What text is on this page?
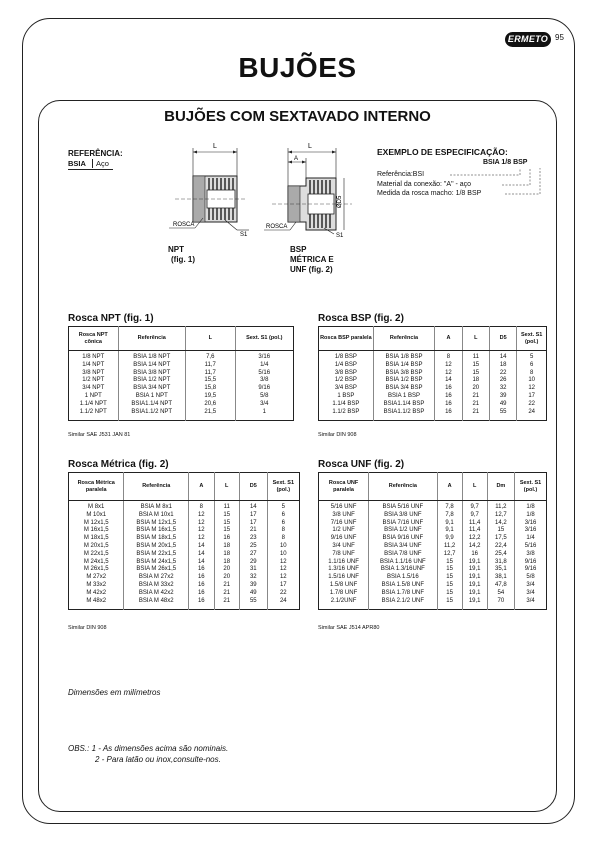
ERMETO 95
BUJÕES
BUJÕES COM SEXTAVADO INTERNO
REFERÊNCIA:
BSIA Aço
L
ROSCA
S1
NPT
(fig. 1)
L
A
ØD5
ROSCA
S1
BSP
MÉTRICA E
UNF (fig. 2)
EXEMPLO DE ESPECIFICAÇÃO:
BSIA 1/8 BSP
Referência:BSI
Material da conexão: "A" - aço
Medida da rosca macho: 1/8 BSP
Rosca NPT (fig. 1)
Rosca NPT cônica	Referência	L	Sext. S1 (pol.)
1/8 NPT	BSIA 1/8 NPT	7,6	3/16
1/4 NPT	BSIA 1/4 NPT	11,7	1/4
3/8 NPT	BSIA 3/8 NPT	11,7	5/16
1/2 NPT	BSIA 1/2 NPT	15,5	3/8
3/4 NPT	BSIA 3/4 NPT	15,8	9/16
1 NPT	BSIA 1 NPT	19,5	5/8
1.1/4 NPT	BSIA1.1/4 NPT	20,6	3/4
1.1/2 NPT	BSIA1.1/2 NPT	21,5	1
Similar SAE J531 JAN 81
Rosca BSP (fig. 2)
Rosca BSP paralela	Referência	A	L	D5	Sext. S1 (pol.)
1/8 BSP	BSIA 1/8 BSP	8	11	14	5
1/4 BSP	BSIA 1/4 BSP	12	15	18	6
3/8 BSP	BSIA 3/8 BSP	12	15	22	8
1/2 BSP	BSIA 1/2 BSP	14	18	26	10
3/4 BSP	BSIA 3/4 BSP	16	20	32	12
1 BSP	BSIA 1 BSP	16	21	39	17
1.1/4 BSP	BSIA1.1/4 BSP	16	21	49	22
1.1/2 BSP	BSIA1.1/2 BSP	16	21	55	24
Similar DIN 908
Rosca Métrica (fig. 2)
Rosca Métrica paralela	Referência	A	L	D5	Sext. S1 (pol.)
M 8x1	BSIA M 8x1	8	11	14	5
M 10x1	BSIA M 10x1	12	15	17	6
M 12x1,5	BSIA M 12x1,5	12	15	17	6
M 16x1,5	BSIA M 16x1,5	12	15	21	8
M 18x1,5	BSIA M 18x1,5	12	16	23	8
M 20x1,5	BSIA M 20x1,5	14	18	25	10
M 22x1,5	BSIA M 22x1,5	14	18	27	10
M 24x1,5	BSIA M 24x1,5	14	18	29	12
M 26x1,5	BSIA M 26x1,5	16	20	31	12
M 27x2	BSIA M 27x2	16	20	32	12
M 33x2	BSIA M 33x2	16	21	39	17
M 42x2	BSIA M 42x2	16	21	49	22
M 48x2	BSIA M 48x2	16	21	55	24
Similar DIN 908
Rosca UNF (fig. 2)
Rosca UNF paralela	Referência	A	L	Dm	Sext. S1 (pol.)
5/16 UNF	BSIA 5/16 UNF	7,8	9,7	11,2	1/8
3/8 UNF	BSIA 3/8 UNF	7,8	9,7	12,7	1/8
7/16 UNF	BSIA 7/16 UNF	9,1	11,4	14,2	3/16
1/2 UNF	BSIA 1/2 UNF	9,1	11,4	15	3/16
9/16 UNF	BSIA 9/16 UNF	9,9	12,2	17,5	1/4
3/4 UNF	BSIA 3/4 UNF	11,2	14,2	22,4	5/16
7/8 UNF	BSIA 7/8 UNF	12,7	16	25,4	3/8
1.1/16 UNF	BSIA 1.1/16 UNF	15	19,1	31,8	9/16
1.3/16 UNF	BSIA 1.3/16UNF	15	19,1	35,1	9/16
1.5/16 UNF	BSIA 1.5/16	15	19,1	38,1	5/8
1.5/8 UNF	BSIA 1.5/8 UNF	15	19,1	47,8	3/4
1.7/8 UNF	BSIA 1.7/8 UNF	15	19,1	54	3/4
2.1/2UNF	BSIA 2.1/2 UNF	15	19,1	70	3/4
Similar SAE J514 APR80
Dimensões em milímetros
OBS.: 1 - As dimensões acima são nominais.
2 - Para latão ou inox,consulte-nos.
